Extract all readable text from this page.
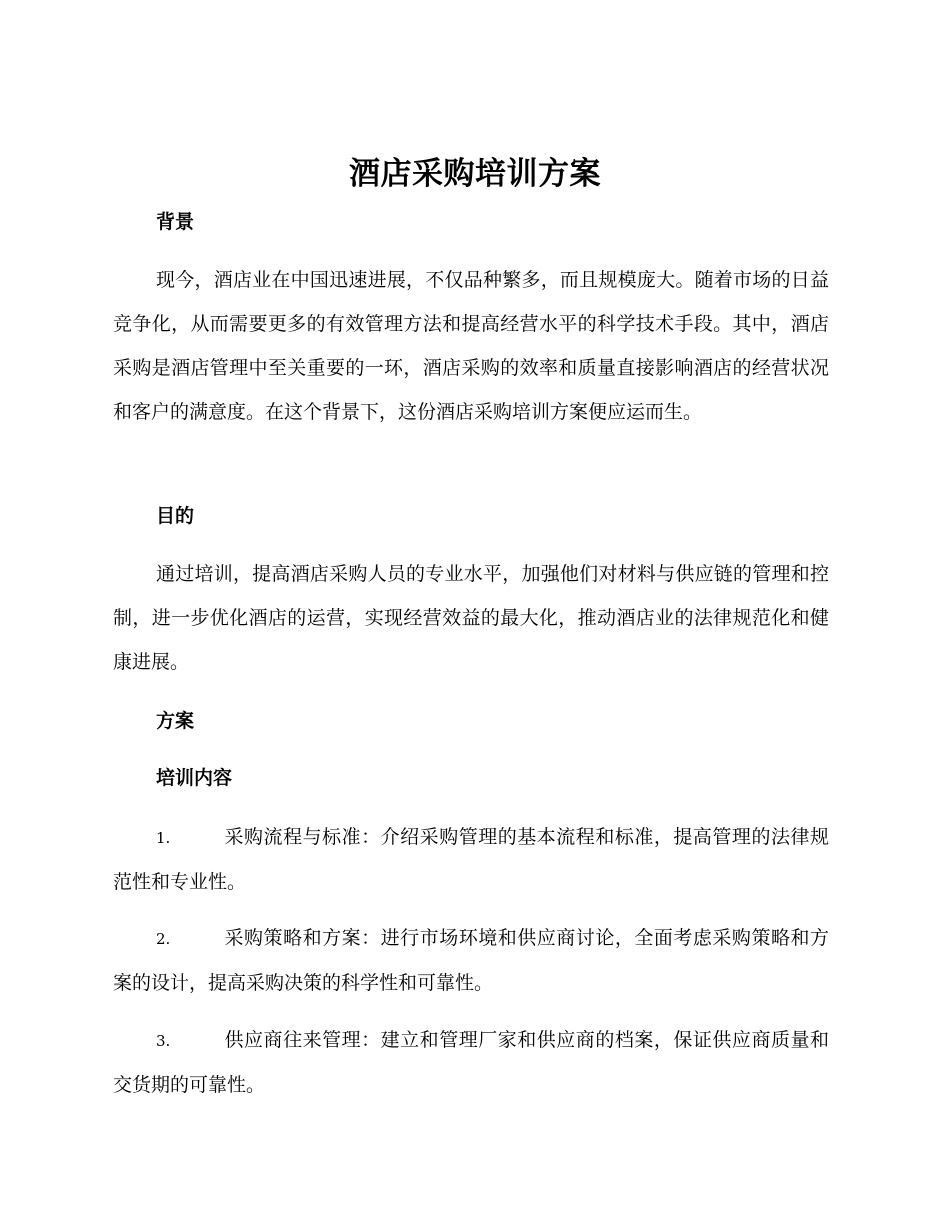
酒店采购培训方案
背景
现今，酒店业在中国迅速进展，不仅品种繁多，而且规模庞大。随着市场的日益竞争化，从而需要更多的有效管理方法和提高经营水平的科学技术手段。其中，酒店采购是酒店管理中至关重要的一环，酒店采购的效率和质量直接影响酒店的经营状况和客户的满意度。在这个背景下，这份酒店采购培训方案便应运而生。
目的
通过培训，提高酒店采购人员的专业水平，加强他们对材料与供应链的管理和控制，进一步优化酒店的运营，实现经营效益的最大化，推动酒店业的法律规范化和健康进展。
方案
培训内容
1.	采购流程与标准：介绍采购管理的基本流程和标准，提高管理的法律规范性和专业性。
2.	采购策略和方案：进行市场环境和供应商讨论，全面考虑采购策略和方案的设计，提高采购决策的科学性和可靠性。
3.	供应商往来管理：建立和管理厂家和供应商的档案，保证供应商质量和交货期的可靠性。
